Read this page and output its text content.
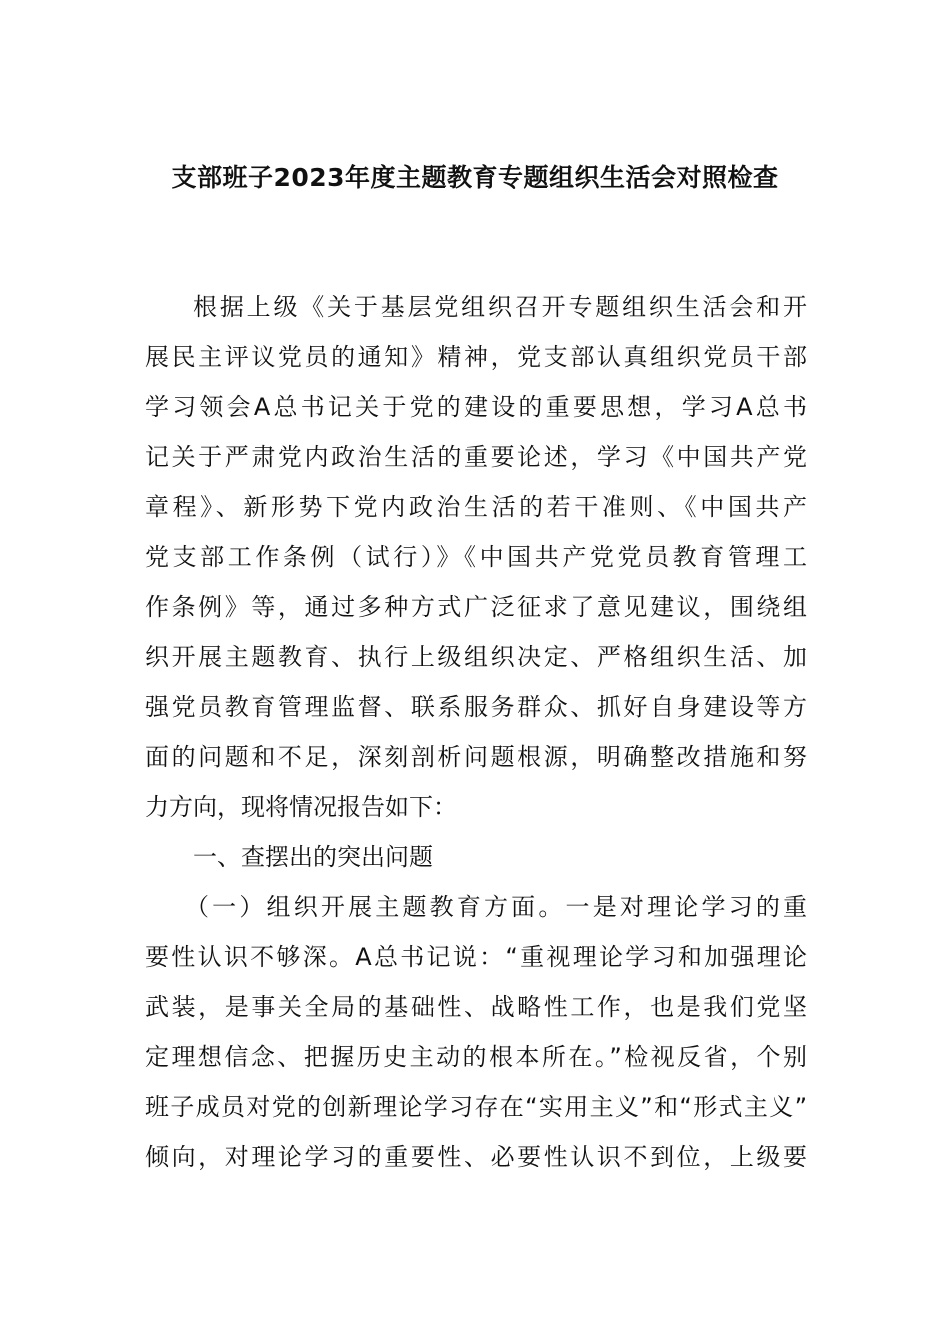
支部班子2023年度主题教育专题组织生活会对照检查
根据上级《关于基层党组织召开专题组织生活会和开
展民主评议党员的通知》精神，党支部认真组织党员干部
学习领会A总书记关于党的建设的重要思想，学习A总书
记关于严肃党内政治生活的重要论述，学习《中国共产党
章程》、新形势下党内政治生活的若干准则、《中国共产
党支部工作条例（试行）》《中国共产党党员教育管理工
作条例》等，通过多种方式广泛征求了意见建议，围绕组
织开展主题教育、执行上级组织决定、严格组织生活、加
强党员教育管理监督、联系服务群众、抓好自身建设等方
面的问题和不足，深刻剖析问题根源，明确整改措施和努
力方向，现将情况报告如下：
一、查摆出的突出问题
（一）组织开展主题教育方面。一是对理论学习的重
要性认识不够深。A总书记说：“重视理论学习和加强理论
武装，是事关全局的基础性、战略性工作，也是我们党坚
定理想信念、把握历史主动的根本所在。”检视反省，个别
班子成员对党的创新理论学习存在“实用主义”和“形式主义”
倾向，对理论学习的重要性、必要性认识不到位，上级要
